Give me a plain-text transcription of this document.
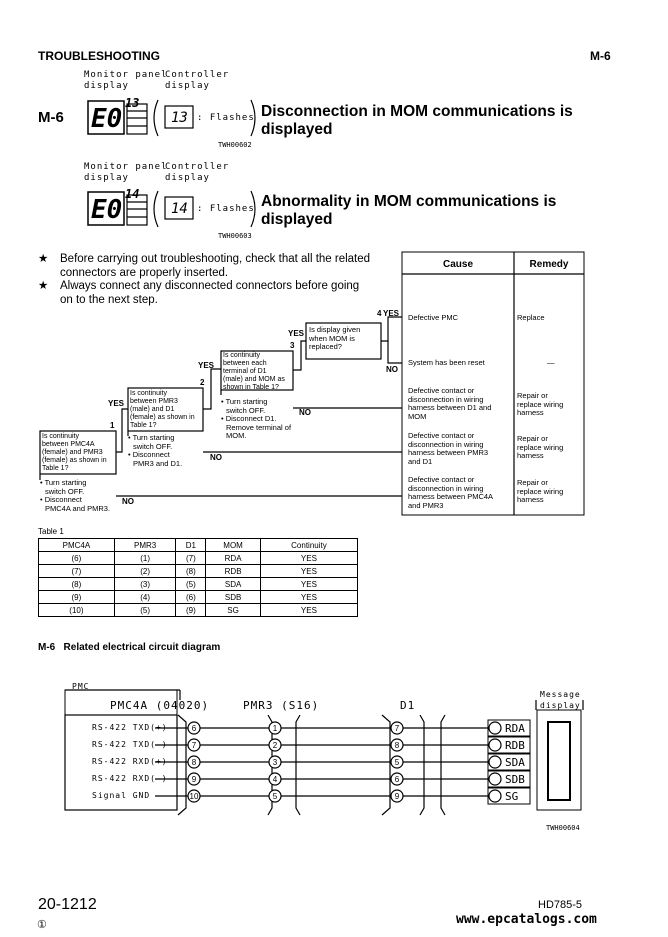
TROUBLESHOOTING	M-6
Monitor panel
display
Controller
display
M-6 E0
13
13 : Flashes Disconnection in MOM communications is
displayed
TWH00602
Monitor panel
display
Controller
display
E0
14
14 : Flashes Abnormality in MOM communications is
displayed
TWH00603
★ Before carrying out troubleshooting, check that all the related
connectors are properly inserted.
★ Always connect any disconnected connectors before going
on to the next step.
6	1	7	RDA
7	2	8	RDB
8	3	5	SDA
9	4	6	SDB
10	5	9	SG
Cause	Remedy
Is continuity
between PMC4A
(female) and PMR3
(female) as shown in
Table 1?
• Turn starting
switch OFF.
• Disconnect
PMC4A and PMR3.
1
Is continuity
between PMR3
(male) and D1
(female) as shown in
Table 1?
• Turn starting
switch OFF.
• Disconnect
PMR3 and D1.
2
Is continuity
between each
terminal of D1
(male) and MOM as
shown in Table 1?
• Turn starting
switch OFF.
• Disconnect D1.
Remove terminal of
MOM.
3
Is display given
when MOM is
replaced?
4 YES
NO
YES
NO
YES
NO
YES
NO
Defective PMC	Replace
System has been reset	—
Defective contact or
disconnection in wiring
harness between D1 and
MOM
Repair or
replace wiring
harness
Defective contact or
disconnection in wiring
harness between PMR3
and D1
Repair or
replace wiring
harness
Defective contact or
disconnection in wiring
harness between PMC4A
and PMR3
Repair or
replace wiring
harness
Table 1
PMC4A	PMR3	D1	MOM	Continuity
(6)	(1)	(7)	RDA	YES
(7)	(2)	(8)	RDB	YES
(8)	(3)	(5)	SDA	YES
(9)	(4)	(6)	SDB	YES
(10)	(5)	(9)	SG	YES
M-6   Related electrical circuit diagram
PMC
PMC4A (04020)	PMR3 (S16)	D1
Message
display
RS-422 TXD(+)
RS-422 TXD(-)
RS-422 RXD(+)
RS-422 RXD(-)
Signal GND
TWH00604
20-1212
①
HD785-5
www.epcatalogs.com
